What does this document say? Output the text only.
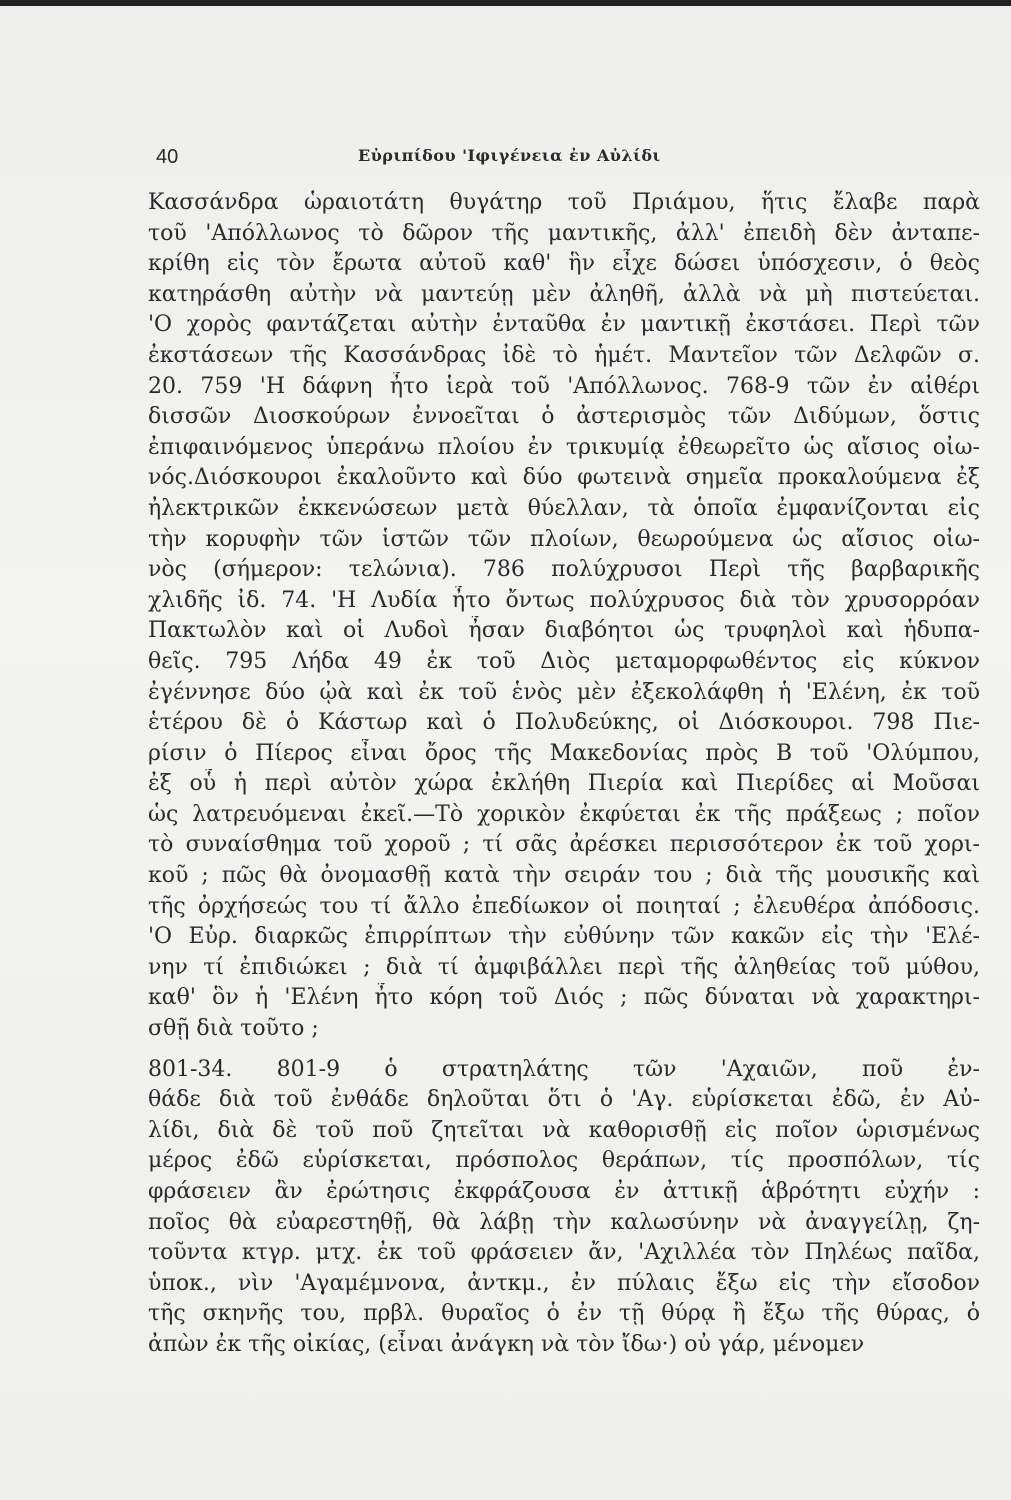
40	Εὐριπίδου 'Ιφιγένεια ἐν Αὐλίδι
Κασσάνδρα ὡραιοτάτη θυγάτηρ τοῦ Πριάμου, ἥτις ἔλαβε παρὰ
τοῦ 'Απόλλωνος τὸ δῶρον τῆς μαντικῆς, ἀλλ' ἐπειδὴ δὲν ἀνταπε-
κρίθη εἰς τὸν ἔρωτα αὐτοῦ καθ' ἣν εἶχε δώσει ὑπόσχεσιν, ὁ θεὸς
κατηράσθη αὐτὴν νὰ μαντεύῃ μὲν ἀληθῆ, ἀλλὰ νὰ μὴ πιστεύεται.
'Ο χορὸς φαντάζεται αὐτὴν ἐνταῦθα ἐν μαντικῇ ἐκστάσει. Περὶ τῶν
ἐκστάσεων τῆς Κασσάνδρας ἰδὲ τὸ ἡμέτ. Μαντεῖον τῶν Δελφῶν σ.
20. 759 'Η δάφνη ἦτο ἱερὰ τοῦ 'Απόλλωνος. 768-9 τῶν ἐν αἰθέρι
δισσῶν Διοσκούρων ἐννοεῖται ὁ ἀστερισμὸς τῶν Διδύμων, ὅστις
ἐπιφαινόμενος ὑπεράνω πλοίου ἐν τρικυμίᾳ ἐθεωρεῖτο ὡς αἴσιος οἰω-
νός.Διόσκουροι ἐκαλοῦντο καὶ δύο φωτεινὰ σημεῖα προκαλούμενα ἐξ
ἠλεκτρικῶν ἐκκενώσεων μετὰ θύελλαν, τὰ ὁποῖα ἐμφανίζονται εἰς
τὴν κορυφὴν τῶν ἱστῶν τῶν πλοίων, θεωρούμενα ὡς αἴσιος οἰω-
νὸς (σήμερον: τελώνια). 786 πολύχρυσοι Περὶ τῆς βαρβαρικῆς
χλιδῆς ἰδ. 74. 'Η Λυδία ἦτο ὄντως πολύχρυσος διὰ τὸν χρυσορρόαν
Πακτωλὸν καὶ οἱ Λυδοὶ ἦσαν διαβόητοι ὡς τρυφηλοὶ καὶ ἡδυπα-
θεῖς. 795 Λήδα 49 ἐκ τοῦ Διὸς μεταμορφωθέντος εἰς κύκνον
ἐγέννησε δύο ᾠὰ καὶ ἐκ τοῦ ἑνὸς μὲν ἐξεκολάφθη ἡ 'Ελένη, ἐκ τοῦ
ἑτέρου δὲ ὁ Κάστωρ καὶ ὁ Πολυδεύκης, οἱ Διόσκουροι. 798 Πιε-
ρίσιν ὁ Πίερος εἶναι ὄρος τῆς Μακεδονίας πρὸς Β τοῦ 'Ολύμπου,
ἐξ οὗ ἡ περὶ αὐτὸν χώρα ἐκλήθη Πιερία καὶ Πιερίδες αἱ Μοῦσαι
ὡς λατρευόμεναι ἐκεῖ.—Τὸ χορικὸν ἐκφύεται ἐκ τῆς πράξεως ; ποῖον
τὸ συναίσθημα τοῦ χοροῦ ; τί σᾶς ἀρέσκει περισσότερον ἐκ τοῦ χορι-
κοῦ ; πῶς θὰ ὀνομασθῇ κατὰ τὴν σειράν του ; διὰ τῆς μουσικῆς καὶ
τῆς ὀρχήσεώς του τί ἄλλο ἐπεδίωκον οἱ ποιηταί ; ἐλευθέρα ἀπόδοσις.
'Ο Εὐρ. διαρκῶς ἐπιρρίπτων τὴν εὐθύνην τῶν κακῶν εἰς τὴν 'Ελέ-
νην τί ἐπιδιώκει ; διὰ τί ἀμφιβάλλει περὶ τῆς ἀληθείας τοῦ μύθου,
καθ' ὃν ἡ 'Ελένη ἦτο κόρη τοῦ Διός ; πῶς δύναται νὰ χαρακτηρι-
σθῇ διὰ τοῦτο ;
801-34. 801-9 ὁ στρατηλάτης τῶν 'Αχαιῶν, ποῦ ἐν-
θάδε διὰ τοῦ ἐνθάδε δηλοῦται ὅτι ὁ 'Αγ. εὑρίσκεται ἐδῶ, ἐν Αὐ-
λίδι, διὰ δὲ τοῦ ποῦ ζητεῖται νὰ καθορισθῇ εἰς ποῖον ὡρισμένως
μέρος ἐδῶ εὑρίσκεται, πρόσπολος θεράπων, τίς προσπόλων, τίς
φράσειεν ἂν ἐρώτησις ἐκφράζουσα ἐν ἀττικῇ ἁβρότητι εὐχήν :
ποῖος θὰ εὐαρεστηθῇ, θὰ λάβῃ τὴν καλωσύνην νὰ ἀναγγείλῃ, ζη-
τοῦντα κτγρ. μτχ. ἐκ τοῦ φράσειεν ἄν, 'Αχιλλέα τὸν Πηλέως παῖδα,
ὑποκ., νὶν 'Αγαμέμνονα, ἀντκμ., ἐν πύλαις ἔξω εἰς τὴν εἴσοδον
τῆς σκηνῆς του, πρβλ. θυραῖος ὁ ἐν τῇ θύρᾳ ἢ ἔξω τῆς θύρας, ὁ
ἀπὼν ἐκ τῆς οἰκίας, (εἶναι ἀνάγκη νὰ τὸν ἴδω·) οὐ γάρ, μένομεν
